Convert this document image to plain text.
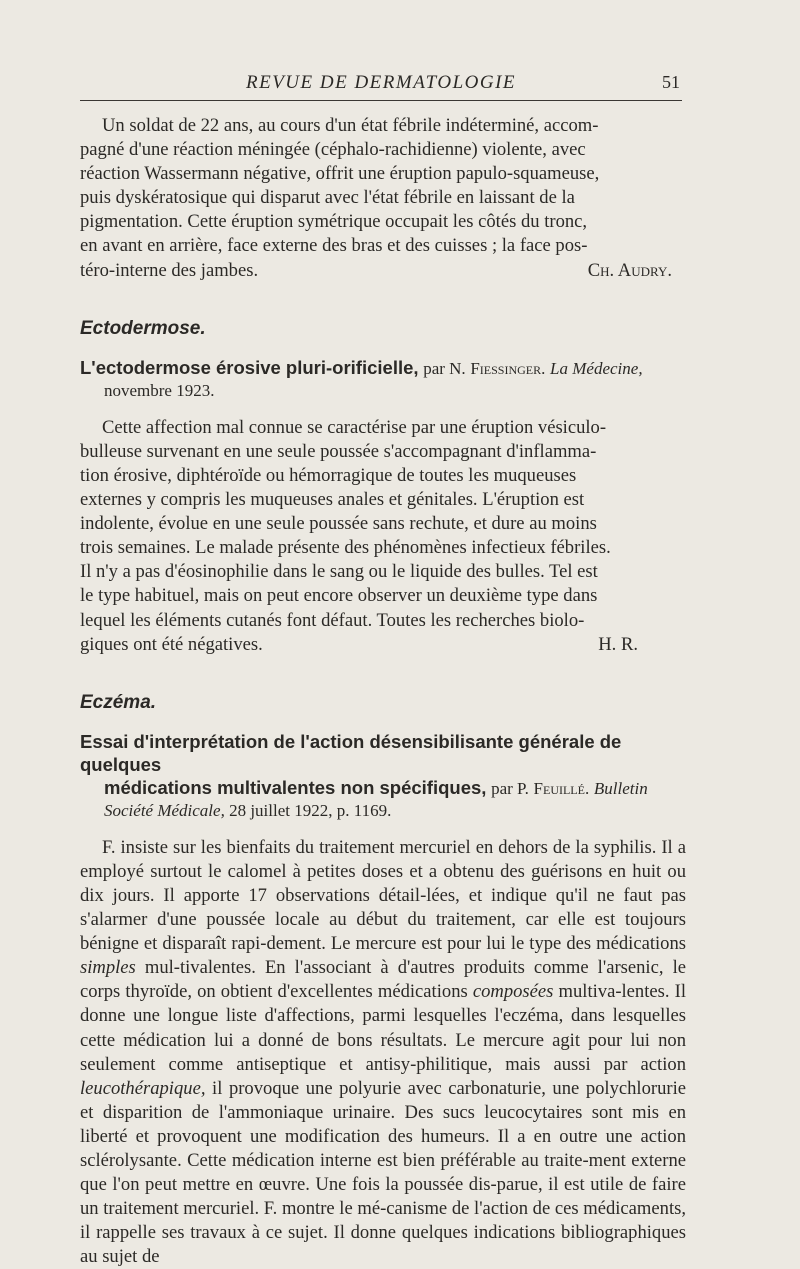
REVUE DE DERMATOLOGIE	51

Un soldat de 22 ans, au cours d'un état fébrile indéterminé, accom-

pagné d'une réaction méningée (céphalo-rachidienne) violente, avec

réaction Wassermann négative, offrit une éruption papulo-squameuse,

puis dyskératosique qui disparut avec l'état fébrile en laissant de la

pigmentation. Cette éruption symétrique occupait les côtés du tronc,

en avant en arrière, face externe des bras et des cuisses ; la face pos-

téro-interne des jambes.	Ch. Audry.

Ectodermose.
L'ectodermose érosive pluri-orificielle, par N. Fiessinger. La Médecine,
novembre 1923.

Cette affection mal connue se caractérise par une éruption vésiculo-

bulleuse survenant en une seule poussée s'accompagnant d'inflamma-

tion érosive, diphtéroïde ou hémorragique de toutes les muqueuses

externes y compris les muqueuses anales et génitales. L'éruption est

indolente, évolue en une seule poussée sans rechute, et dure au moins

trois semaines. Le malade présente des phénomènes infectieux fébriles.

Il n'y a pas d'éosinophilie dans le sang ou le liquide des bulles. Tel est

le type habituel, mais on peut encore observer un deuxième type dans

lequel les éléments cutanés font défaut. Toutes les recherches biolo-

giques ont été négatives.	H. R.

Eczéma.
Essai d'interprétation de l'action désensibilisante générale de quelques
médications multivalentes non spécifiques, par P. Feuillé. Bulletin
Société Médicale, 28 juillet 1922, p. 1169.

F. insiste sur les bienfaits du traitement mercuriel en dehors de la syphilis. Il a employé surtout le calomel à petites doses et a obtenu des guérisons en huit ou dix jours. Il apporte 17 observations détail-lées, et indique qu'il ne faut pas s'alarmer d'une poussée locale au début du traitement, car elle est toujours bénigne et disparaît rapi-dement. Le mercure est pour lui le type des médications simples mul-tivalentes. En l'associant à d'autres produits comme l'arsenic, le corps thyroïde, on obtient d'excellentes médications composées multiva-lentes. Il donne une longue liste d'affections, parmi lesquelles l'eczéma, dans lesquelles cette médication lui a donné de bons résultats. Le mercure agit pour lui non seulement comme antiseptique et antisy-philitique, mais aussi par action leucothérapique, il provoque une polyurie avec carbonaturie, une polychlorurie et disparition de l'ammoniaque urinaire. Des sucs leucocytaires sont mis en liberté et provoquent une modification des humeurs. Il a en outre une action sclérolysante. Cette médication interne est bien préférable au traite-ment externe que l'on peut mettre en œuvre. Une fois la poussée dis-parue, il est utile de faire un traitement mercuriel. F. montre le mé-canisme de l'action de ces médicaments, il rappelle ses travaux à ce sujet. Il donne quelques indications bibliographiques au sujet de
